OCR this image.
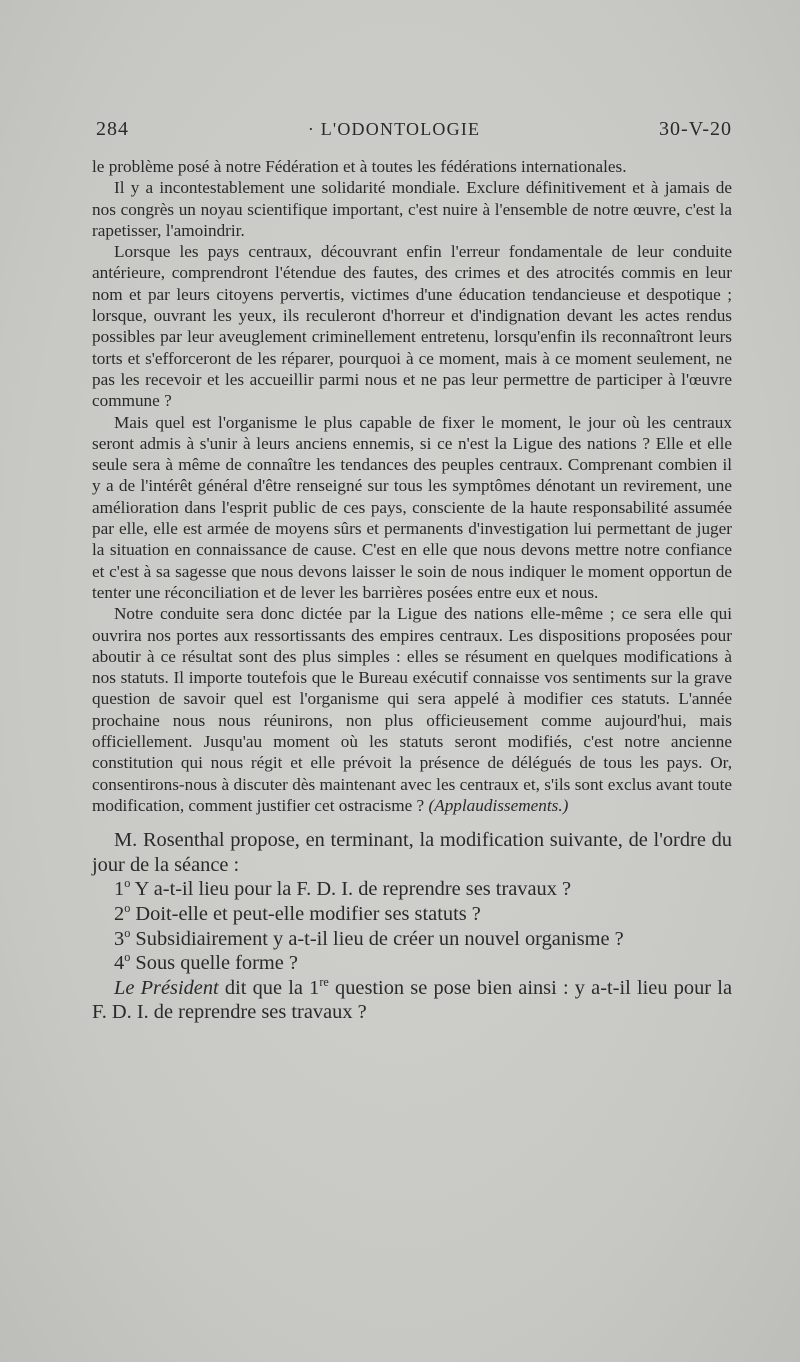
284	· L'ODONTOLOGIE	30-V-20

le problème posé à notre Fédération et à toutes les fédérations internationales.

Il y a incontestablement une solidarité mondiale. Exclure définitivement et à jamais de nos congrès un noyau scientifique important, c'est nuire à l'ensemble de notre œuvre, c'est la rapetisser, l'amoindrir.

Lorsque les pays centraux, découvrant enfin l'erreur fondamentale de leur conduite antérieure, comprendront l'étendue des fautes, des crimes et des atrocités commis en leur nom et par leurs citoyens pervertis, victimes d'une éducation tendancieuse et despotique ; lorsque, ouvrant les yeux, ils reculeront d'horreur et d'indignation devant les actes rendus possibles par leur aveuglement criminellement entretenu, lorsqu'enfin ils reconnaîtront leurs torts et s'efforceront de les réparer, pourquoi à ce moment, mais à ce moment seulement, ne pas les recevoir et les accueillir parmi nous et ne pas leur permettre de participer à l'œuvre commune ?

Mais quel est l'organisme le plus capable de fixer le moment, le jour où les centraux seront admis à s'unir à leurs anciens ennemis, si ce n'est la Ligue des nations ? Elle et elle seule sera à même de connaître les tendances des peuples centraux. Comprenant combien il y a de l'intérêt général d'être renseigné sur tous les symptômes dénotant un revirement, une amélioration dans l'esprit public de ces pays, consciente de la haute responsabilité assumée par elle, elle est armée de moyens sûrs et permanents d'investigation lui permettant de juger la situation en connaissance de cause. C'est en elle que nous devons mettre notre confiance et c'est à sa sagesse que nous devons laisser le soin de nous indiquer le moment opportun de tenter une réconciliation et de lever les barrières posées entre eux et nous.

Notre conduite sera donc dictée par la Ligue des nations elle-même ; ce sera elle qui ouvrira nos portes aux ressortissants des empires centraux. Les dispositions proposées pour aboutir à ce résultat sont des plus simples : elles se résument en quelques modifications à nos statuts. Il importe toutefois que le Bureau exécutif connaisse vos sentiments sur la grave question de savoir quel est l'organisme qui sera appelé à modifier ces statuts. L'année prochaine nous nous réunirons, non plus officieusement comme aujourd'hui, mais officiellement. Jusqu'au moment où les statuts seront modifiés, c'est notre ancienne constitution qui nous régit et elle prévoit la présence de délégués de tous les pays. Or, consentirons-nous à discuter dès maintenant avec les centraux et, s'ils sont exclus avant toute modification, comment justifier cet ostracisme ? (Applaudissements.)

M. Rosenthal propose, en terminant, la modification suivante, de l'ordre du jour de la séance :

1$^o$ Y a-t-il lieu pour la F. D. I. de reprendre ses travaux ?

2$^o$ Doit-elle et peut-elle modifier ses statuts ?

3$^o$ Subsidiairement y a-t-il lieu de créer un nouvel organisme ?

4$^o$ Sous quelle forme ?

Le Président dit que la 1re question se pose bien ainsi : y a-t-il lieu pour la F. D. I. de reprendre ses travaux ?
